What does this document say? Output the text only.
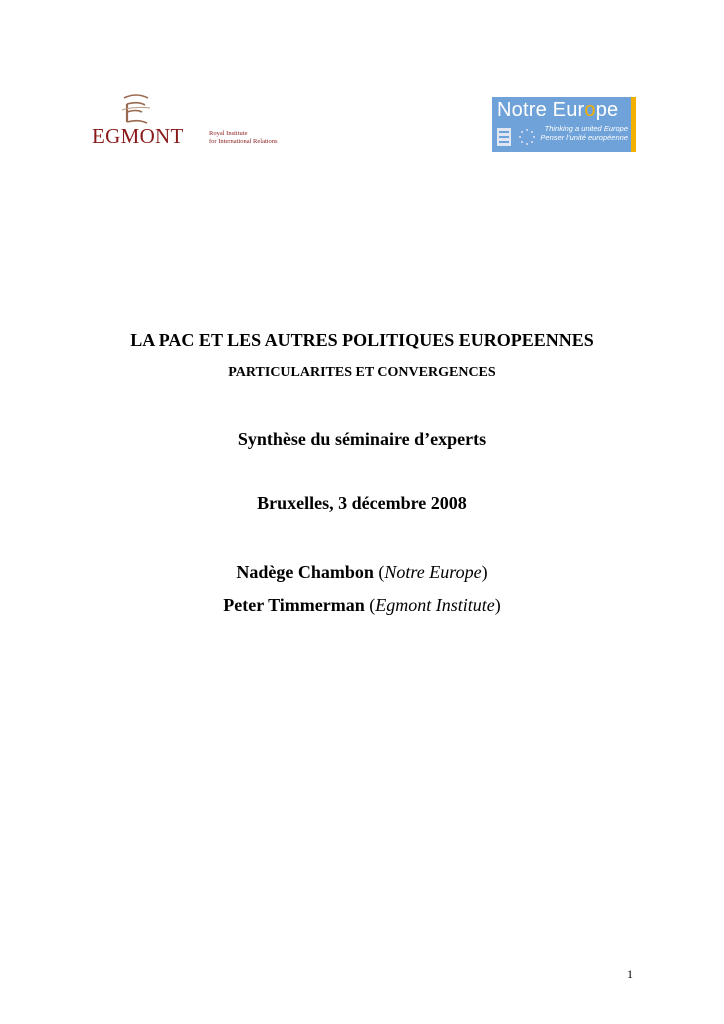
EGMONT	Royal Institute
for International Relations
Notre Europe
Thinking a united Europe
Penser l’unité européenne
LA PAC ET LES AUTRES POLITIQUES EUROPEENNES
PARTICULARITES ET CONVERGENCES
Synthèse du séminaire d’experts
Bruxelles, 3 décembre 2008
Nadège Chambon (Notre Europe)
Peter Timmerman (Egmont Institute)
1
